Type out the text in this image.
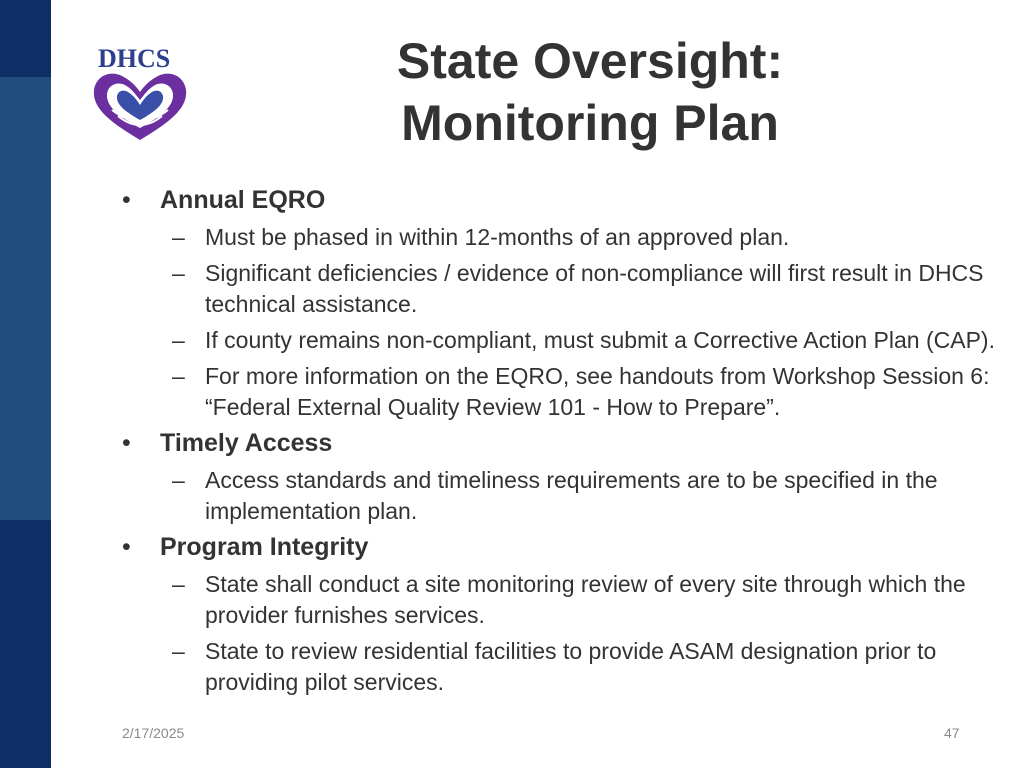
DHCS	State Oversight:
Monitoring Plan
• Annual EQRO
– Must be phased in within 12-months of an approved plan.
– Significant deficiencies / evidence of non-compliance will first result in DHCS technical assistance.
– If county remains non-compliant, must submit a Corrective Action Plan (CAP).
– For more information on the EQRO, see handouts from Workshop Session 6: “Federal External Quality Review 101 - How to Prepare”.
• Timely Access
– Access standards and timeliness requirements are to be specified in the implementation plan.
• Program Integrity
– State shall conduct a site monitoring review of every site through which the provider furnishes services.
– State to review residential facilities to provide ASAM designation prior to providing pilot services.
2/17/2025	47
